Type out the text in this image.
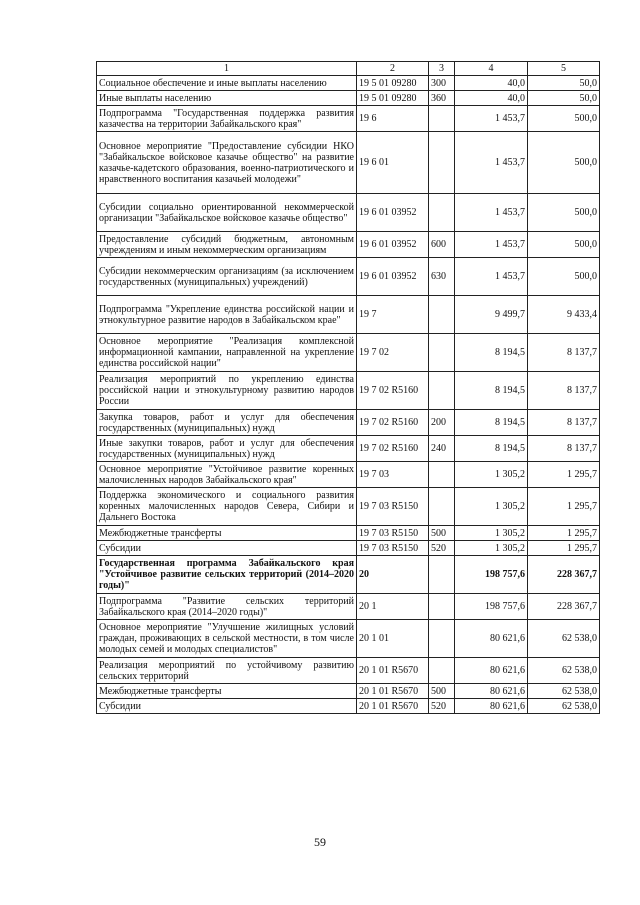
1	2	3	4	5
Социальное обеспечение и иные выплаты населению	19 5 01 09280	300	40,0	50,0
Иные выплаты населению	19 5 01 09280	360	40,0	50,0
Подпрограмма "Государственная поддержка развития казачества на территории Забайкальского края"	19 6		1 453,7	500,0
Основное мероприятие "Предоставление субсидии НКО "Забайкальское войсковое казачье общество" на развитие казачье-кадетского образования, военно-патриотического и нравственного воспитания казачьей молодежи"	19 6 01		1 453,7	500,0
Субсидии социально ориентированной некоммерческой организации "Забайкальское войсковое казачье общество"	19 6 01 03952		1 453,7	500,0
Предоставление субсидий бюджетным, автономным учреждениям и иным некоммерческим организациям	19 6 01 03952	600	1 453,7	500,0
Субсидии некоммерческим организациям (за исключением государственных (муниципальных) учреждений)	19 6 01 03952	630	1 453,7	500,0
Подпрограмма "Укрепление единства российской нации и этнокультурное развитие народов в Забайкальском крае"	19 7		9 499,7	9 433,4
Основное мероприятие "Реализация комплексной информационной кампании, направленной на укрепление единства российской нации"	19 7 02		8 194,5	8 137,7
Реализация мероприятий по укреплению единства российской нации и этнокультурному развитию народов России	19 7 02 R5160		8 194,5	8 137,7
Закупка товаров, работ и услуг для обеспечения государственных (муниципальных) нужд	19 7 02 R5160	200	8 194,5	8 137,7
Иные закупки товаров, работ и услуг для обеспечения государственных (муниципальных) нужд	19 7 02 R5160	240	8 194,5	8 137,7
Основное мероприятие "Устойчивое развитие коренных малочисленных народов Забайкальского края"	19 7 03		1 305,2	1 295,7
Поддержка экономического и социального развития коренных малочисленных народов Севера, Сибири и Дальнего Востока	19 7 03 R5150		1 305,2	1 295,7
Межбюджетные трансферты	19 7 03 R5150	500	1 305,2	1 295,7
Субсидии	19 7 03 R5150	520	1 305,2	1 295,7
Государственная программа Забайкальского края "Устойчивое развитие сельских территорий (2014–2020 годы)"	20		198 757,6	228 367,7
Подпрограмма "Развитие сельских территорий Забайкальского края (2014–2020 годы)"	20 1		198 757,6	228 367,7
Основное мероприятие "Улучшение жилищных условий граждан, проживающих в сельской местности, в том числе молодых семей и молодых специалистов"	20 1 01		80 621,6	62 538,0
Реализация мероприятий по устойчивому развитию сельских территорий	20 1 01 R5670		80 621,6	62 538,0
Межбюджетные трансферты	20 1 01 R5670	500	80 621,6	62 538,0
Субсидии	20 1 01 R5670	520	80 621,6	62 538,0
59
